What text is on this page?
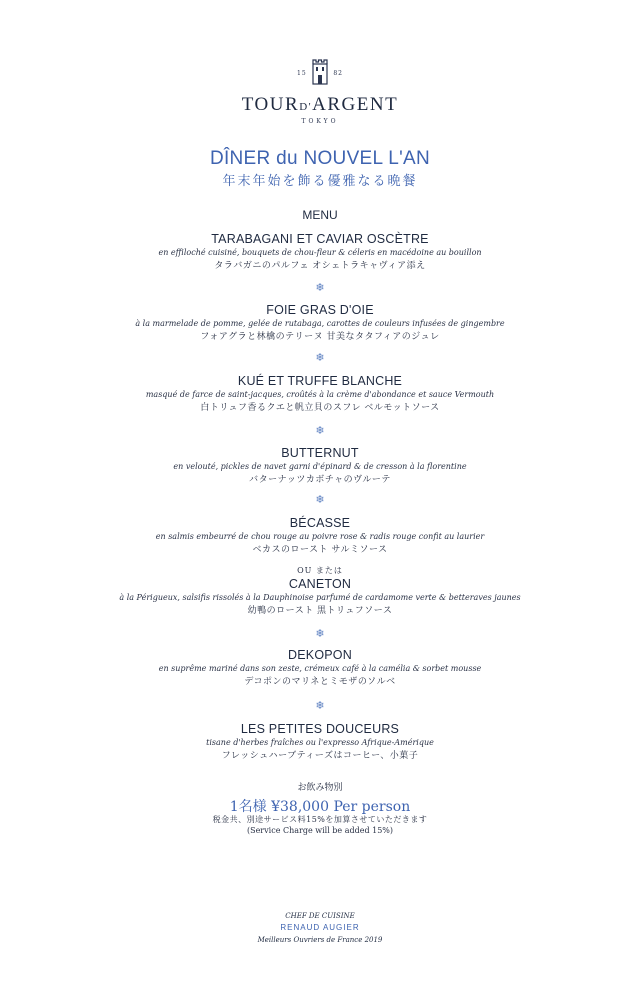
15	82
TOURD'ARGENT
TOKYO
DÎNER du NOUVEL L'AN
年末年始を飾る優雅なる晩餐
MENU
TARABAGANI ET CAVIAR OSCÈTRE
en effiloché cuisiné, bouquets de chou-fleur & céleris en macédoine au bouillon
タラバガニのパルフェ オシェトラキャヴィア添え
❄
FOIE GRAS D'OIE
à la marmelade de pomme, gelée de rutabaga, carottes de couleurs infusées de gingembre
フォアグラと林檎のテリーヌ 甘美なタタフィアのジュレ
❄
KUÉ ET TRUFFE BLANCHE
masqué de farce de saint-jacques, croûtés à la crème d'abondance et sauce Vermouth
白トリュフ香るクエと帆立貝のスフレ ベルモットソース
❄
BUTTERNUT
en velouté, pickles de navet garni d'épinard & de cresson à la florentine
バターナッツカボチャのヴルーテ
❄
BÉCASSE
en salmis embeurré de chou rouge au poivre rose & radis rouge confit au laurier
ベカスのロースト サルミソース
OU または
CANETON
à la Périgueux, salsifis rissolés à la Dauphinoise parfumé de cardamome verte & betteraves jaunes
幼鴨のロースト 黒トリュフソース
❄
DEKOPON
en suprême mariné dans son zeste, crémeux café à la camélia & sorbet mousse
デコポンのマリネとミモザのソルベ
❄
LES PETITES DOUCEURS
tisane d'herbes fraîches ou l'expresso Afrique-Amérique
フレッシュハーブティーズはコーヒー、小菓子
お飲み物別
1名様 ¥38,000 Per person
税金共、別途サービス料15%を加算させていただきます
(Service Charge will be added 15%)
CHEF DE CUISINE
RENAUD AUGIER
Meilleurs Ouvriers de France 2019
